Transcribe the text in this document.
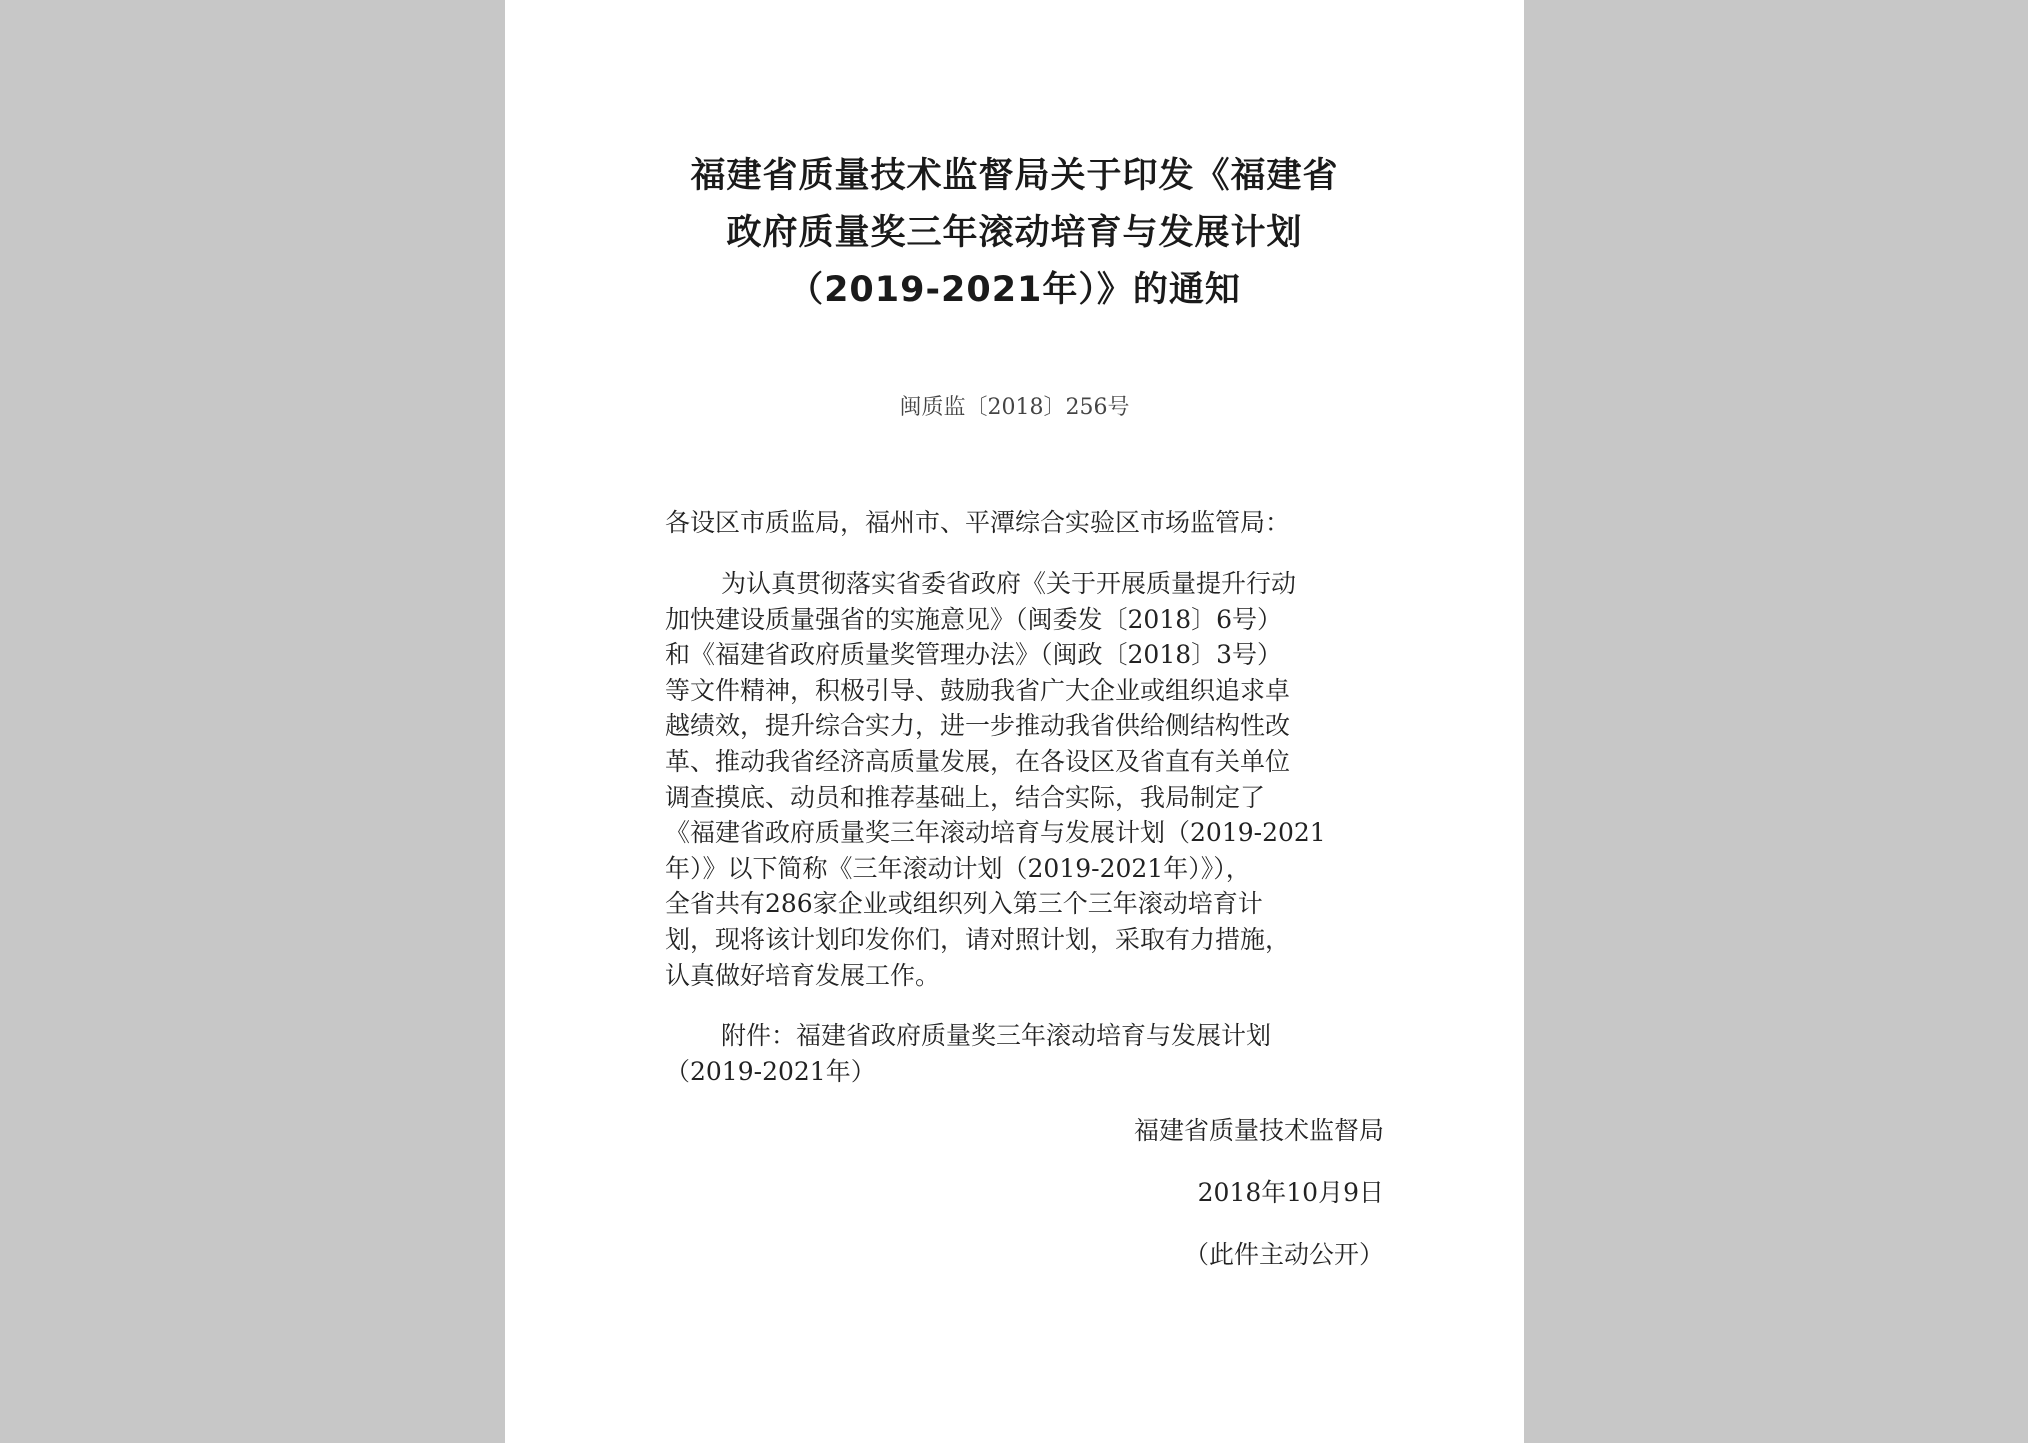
福建省质量技术监督局关于印发《福建省
政府质量奖三年滚动培育与发展计划
（2019-2021年）》的通知
闽质监〔2018〕256号
各设区市质监局，福州市、平潭综合实验区市场监管局：
为认真贯彻落实省委省政府《关于开展质量提升行动
加快建设质量强省的实施意见》（闽委发〔2018〕6号）
和《福建省政府质量奖管理办法》（闽政〔2018〕3号）
等文件精神，积极引导、鼓励我省广大企业或组织追求卓
越绩效，提升综合实力，进一步推动我省供给侧结构性改
革、推动我省经济高质量发展，在各设区及省直有关单位
调查摸底、动员和推荐基础上，结合实际，我局制定了
《福建省政府质量奖三年滚动培育与发展计划（2019-2021
年）》以下简称《三年滚动计划（2019-2021年）》），
全省共有286家企业或组织列入第三个三年滚动培育计
划，现将该计划印发你们，请对照计划，采取有力措施，
认真做好培育发展工作。
附件：福建省政府质量奖三年滚动培育与发展计划
（2019-2021年）
福建省质量技术监督局
2018年10月9日
（此件主动公开）
